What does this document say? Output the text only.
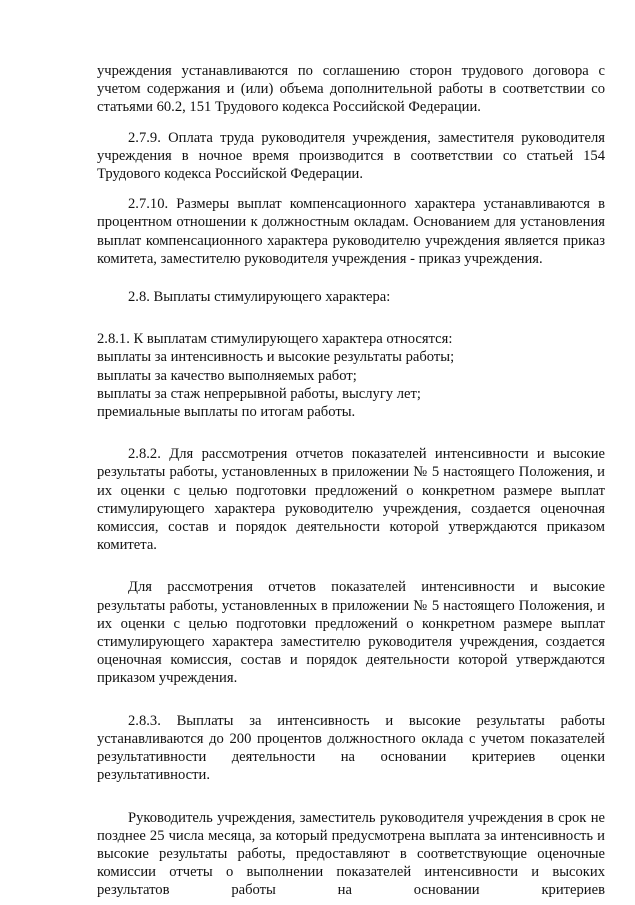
учреждения устанавливаются по соглашению сторон трудового договора с учетом содержания и (или) объема дополнительной работы в соответствии со статьями 60.2, 151 Трудового кодекса Российской Федерации.

2.7.9. Оплата труда руководителя учреждения, заместителя руководителя учреждения в ночное время производится в соответствии со статьей 154 Трудового кодекса Российской Федерации.

2.7.10. Размеры выплат компенсационного характера устанавливаются в процентном отношении к должностным окладам. Основанием для установления выплат компенсационного характера руководителю учреждения является приказ комитета, заместителю руководителя учреждения - приказ учреждения.

2.8. Выплаты стимулирующего характера:

2.8.1. К выплатам стимулирующего характера относятся:
выплаты за интенсивность и высокие результаты работы;
выплаты за качество выполняемых работ;
выплаты за стаж непрерывной работы, выслугу лет;
премиальные выплаты по итогам работы.

2.8.2. Для рассмотрения отчетов показателей интенсивности и высокие результаты работы, установленных в приложении № 5 настоящего Положения, и их оценки с целью подготовки предложений о конкретном размере выплат стимулирующего характера руководителю учреждения, создается оценочная комиссия, состав и порядок деятельности которой утверждаются приказом комитета.

Для рассмотрения отчетов показателей интенсивности и высокие результаты работы, установленных в приложении № 5 настоящего Положения, и их оценки с целью подготовки предложений о конкретном размере выплат стимулирующего характера заместителю руководителя учреждения, создается оценочная комиссия, состав и порядок деятельности которой утверждаются приказом учреждения.

2.8.3. Выплаты за интенсивность и высокие результаты работы устанавливаются до 200 процентов должностного оклада с учетом показателей результативности деятельности на основании критериев оценки результативности.

Руководитель учреждения, заместитель руководителя учреждения в срок не позднее 25 числа месяца, за который предусмотрена выплата за интенсивность и высокие результаты работы, предоставляют в соответствующие оценочные комиссии отчеты о выполнении показателей интенсивности и высоких результатов работы на основании критериев
